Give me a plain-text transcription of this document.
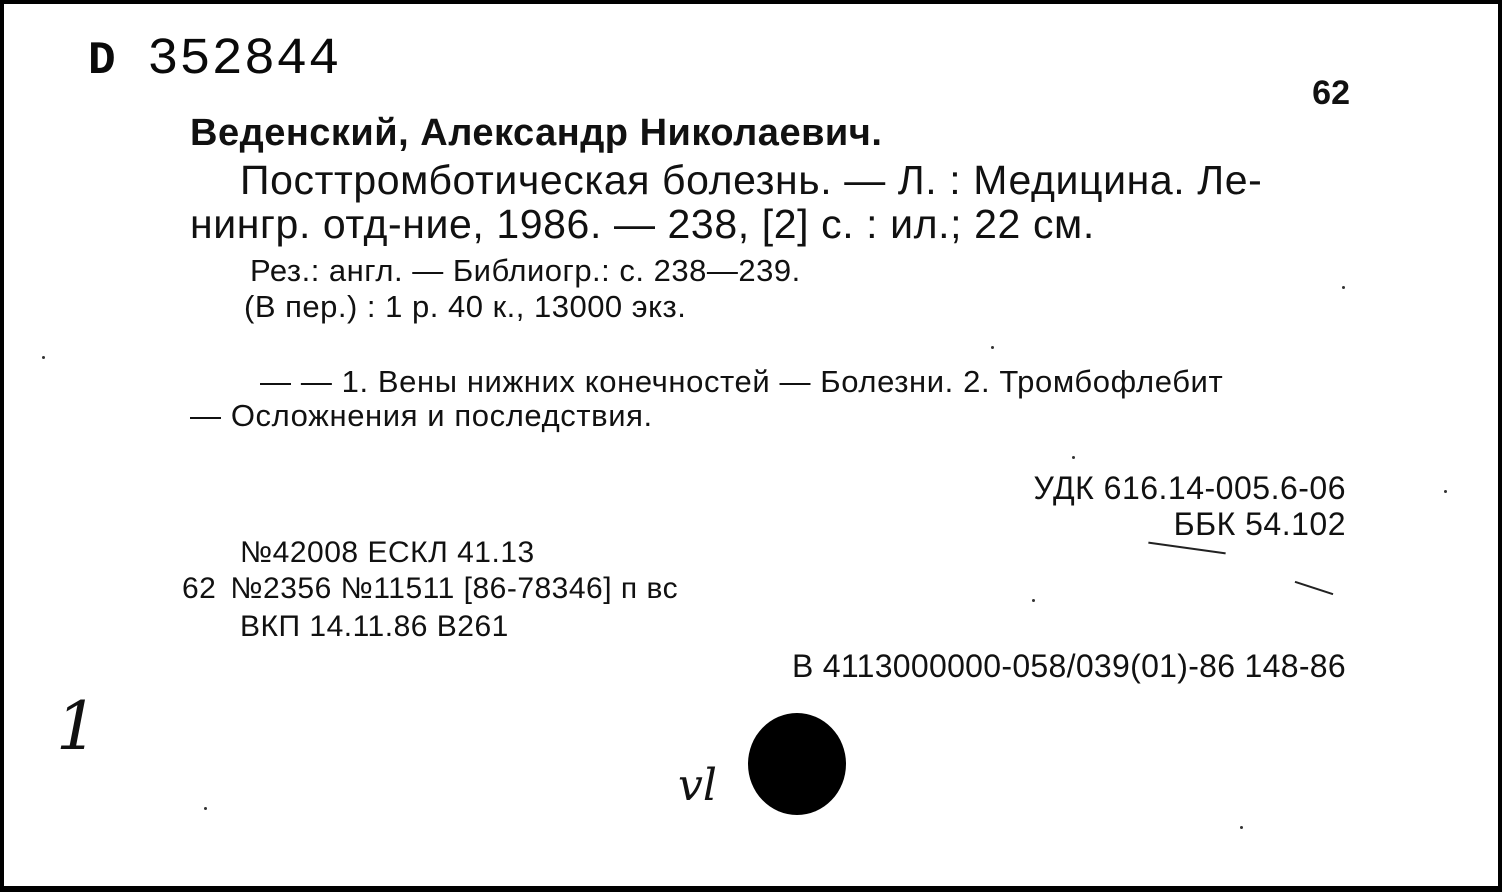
D 352844
62
Веденский, Александр Николаевич.
Посттромботическая болезнь. — Л. : Медицина. Ле-
нингр. отд-ние, 1986. — 238, [2] с. : ил.; 22 см.
Рез.: англ. — Библиогр.: с. 238—239.
(В пер.) : 1 р. 40 к., 13000 экз.
— — 1. Вены нижних конечностей — Болезни. 2. Тромбофлебит
— Осложнения и последствия.
УДК 616.14-005.6-06
ББК 54.102
№42008 ЕСКЛ 41.13
62 №2356 №11511 [86-78346] п вс
ВКП 14.11.86 В261
В 4113000000-058/039(01)-86 148-86
1
vl
